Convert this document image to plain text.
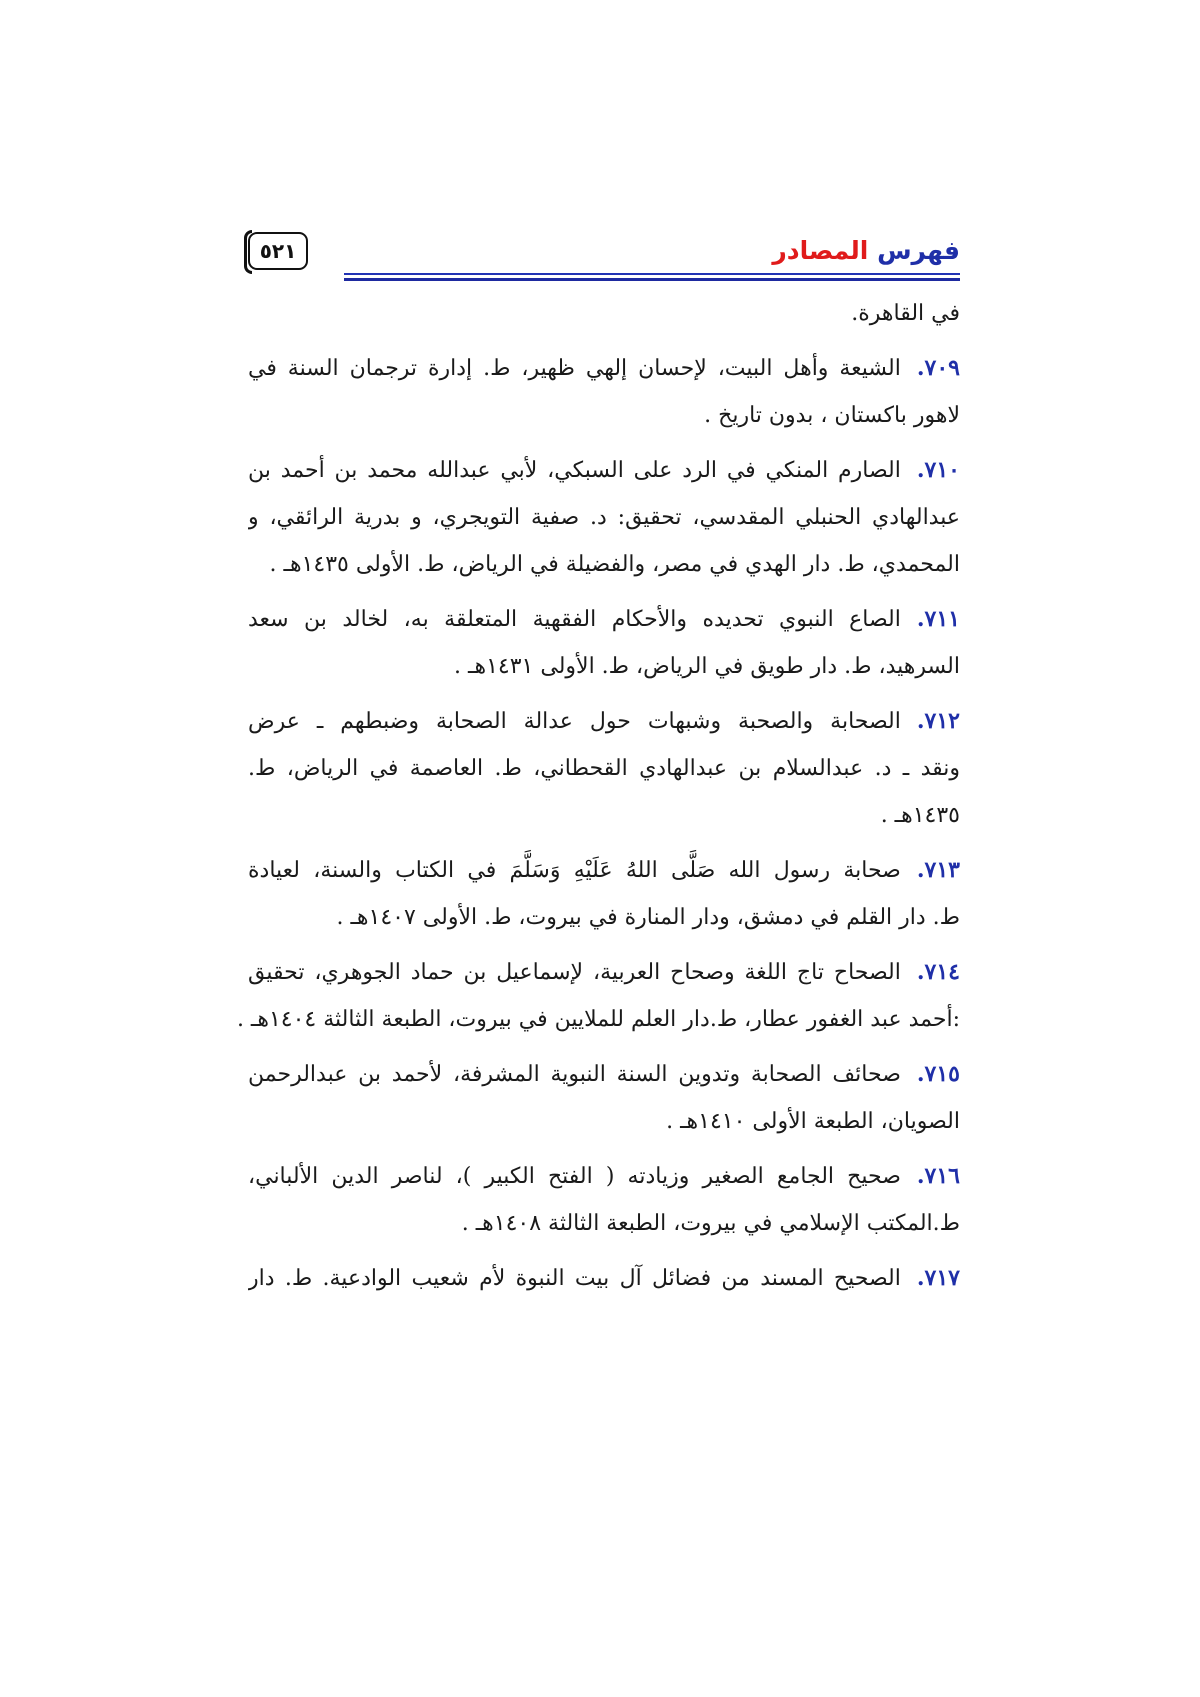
فهرس المصادر
٥٢١
في القاهرة.
٧٠٩.الشيعة وأهل البيت، لإحسان إلهي ظهير، ط. إدارة ترجمان السنة في
لاهور باكستان ، بدون تاريخ .
٧١٠.الصارم المنكي في الرد على السبكي، لأبي عبدالله محمد بن أحمد بن
عبدالهادي الحنبلي المقدسي، تحقيق: د. صفية التويجري، و بدرية الرائقي، و
المحمدي، ط. دار الهدي في مصر، والفضيلة في الرياض، ط. الأولى ١٤٣٥هـ .
٧١١.الصاع النبوي تحديده والأحكام الفقهية المتعلقة به، لخالد بن سعد
السرهيد، ط. دار طويق في الرياض، ط. الأولى ١٤٣١هـ .
٧١٢.الصحابة والصحبة وشبهات حول عدالة الصحابة وضبطهم ـ عرض
ونقد ـ د. عبدالسلام بن عبدالهادي القحطاني، ط. العاصمة في الرياض، ط.
١٤٣٥هـ .
٧١٣.صحابة رسول الله صَلَّى اللهُ عَلَيْهِ وَسَلَّمَ في الكتاب والسنة، لعيادة
ط. دار القلم في دمشق، ودار المنارة في بيروت، ط. الأولى ١٤٠٧هـ .
٧١٤.الصحاح تاج اللغة وصحاح العربية، لإسماعيل بن حماد الجوهري، تحقيق
:أحمد عبد الغفور عطار، ط.دار العلم للملايين في بيروت، الطبعة الثالثة ١٤٠٤هـ .
٧١٥.صحائف الصحابة وتدوين السنة النبوية المشرفة، لأحمد بن عبدالرحمن
الصويان، الطبعة الأولى ١٤١٠هـ .
٧١٦.صحيح الجامع الصغير وزيادته ( الفتح الكبير )، لناصر الدين الألباني،
ط.المكتب الإسلامي في بيروت، الطبعة الثالثة ١٤٠٨هـ .
٧١٧.الصحيح المسند من فضائل آل بيت النبوة لأم شعيب الوادعية. ط. دار
